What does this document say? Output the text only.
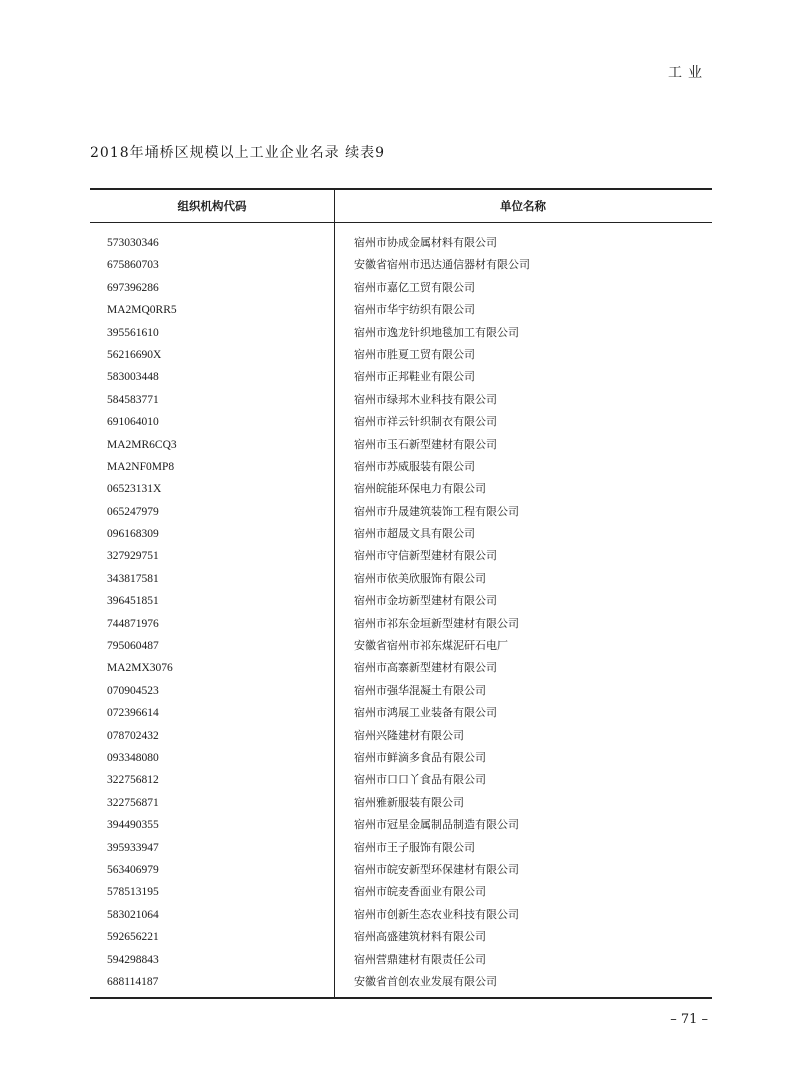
工业
2018年埇桥区规模以上工业企业名录 续表9
组织机构代码	单位名称
573030346	宿州市协成金属材料有限公司
675860703	安徽省宿州市迅达通信器材有限公司
697396286	宿州市嘉亿工贸有限公司
MA2MQ0RR5	宿州市华宇纺织有限公司
395561610	宿州市逸龙针织地毯加工有限公司
56216690X	宿州市胜夏工贸有限公司
583003448	宿州市正邦鞋业有限公司
584583771	宿州市绿邦木业科技有限公司
691064010	宿州市祥云针织制衣有限公司
MA2MR6CQ3	宿州市玉石新型建材有限公司
MA2NF0MP8	宿州市苏威服装有限公司
06523131X	宿州皖能环保电力有限公司
065247979	宿州市升晟建筑装饰工程有限公司
096168309	宿州市超晟文具有限公司
327929751	宿州市守信新型建材有限公司
343817581	宿州市依美欣服饰有限公司
396451851	宿州市金坊新型建材有限公司
744871976	宿州市祁东金垣新型建材有限公司
795060487	安徽省宿州市祁东煤泥矸石电厂
MA2MX3076	宿州市高寨新型建材有限公司
070904523	宿州市强华混凝土有限公司
072396614	宿州市鸿展工业装备有限公司
078702432	宿州兴隆建材有限公司
093348080	宿州市鲜滴多食品有限公司
322756812	宿州市口口丫食品有限公司
322756871	宿州雅新服装有限公司
394490355	宿州市冠星金属制品制造有限公司
395933947	宿州市王子服饰有限公司
563406979	宿州市皖安新型环保建材有限公司
578513195	宿州市皖麦香面业有限公司
583021064	宿州市创新生态农业科技有限公司
592656221	宿州高盛建筑材料有限公司
594298843	宿州营鼎建材有限责任公司
688114187	安徽省首创农业发展有限公司
– 71 –
